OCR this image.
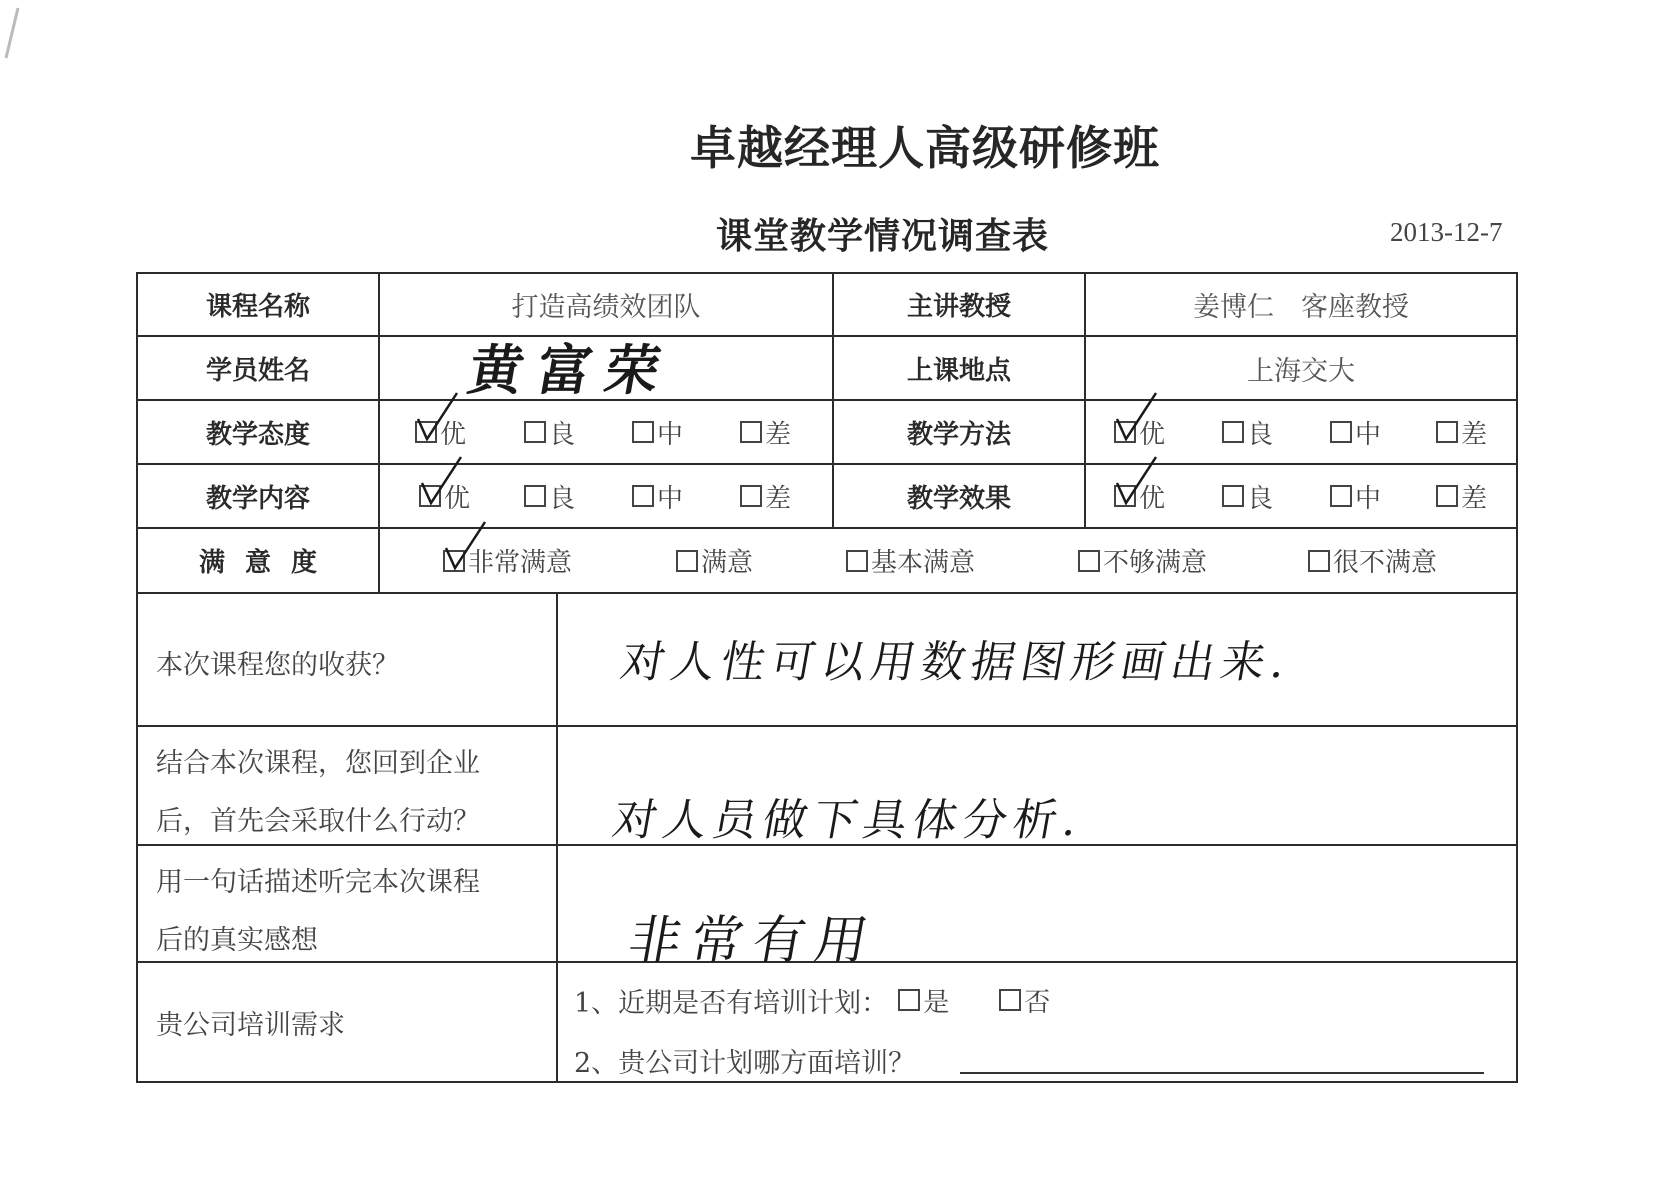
卓越经理人高级研修班
课堂教学情况调查表	2013-12-7
课程名称	打造高绩效团队	主讲教授	姜博仁　客座教授
学员姓名	黄富荣	上课地点	上海交大
教学态度	优	良	中	差	教学方法	优	良	中	差
教学内容	优	良	中	差	教学效果	优	良	中	差
满意度	非常满意	满意	基本满意	不够满意	很不满意
本次课程您的收获？	对人性可以用数据图形画出来.
结合本次课程，您回到企业
后，首先会采取什么行动？	对人员做下具体分析.
用一句话描述听完本次课程
后的真实感想	非常有用
贵公司培训需求
1、近期是否有培训计划： 是	否
2、贵公司计划哪方面培训？
